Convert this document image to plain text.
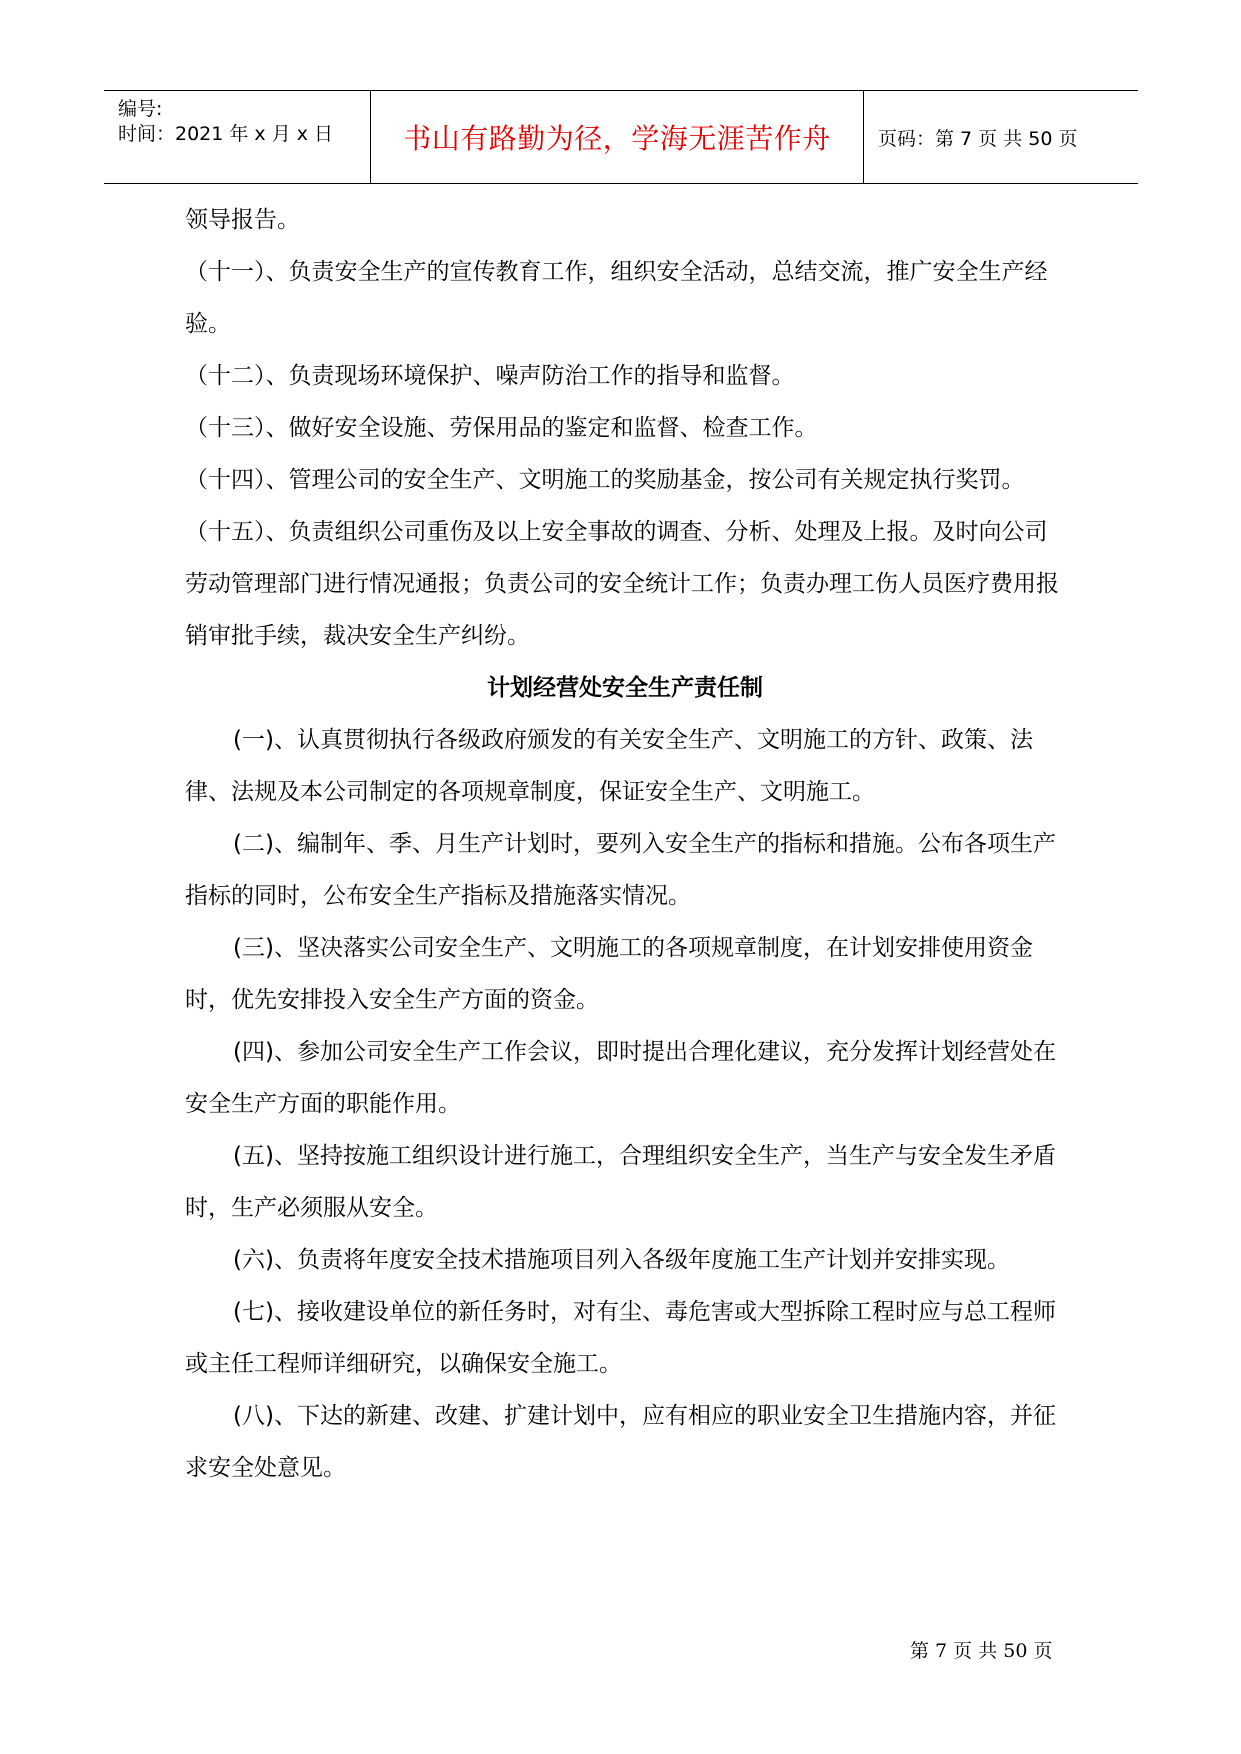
编号:
时间：2021 年 x 月 x 日	书山有路勤为径，学海无涯苦作舟	页码：第 7 页 共 50 页

领导报告。

（十一）、负责安全生产的宣传教育工作，组织安全活动，总结交流，推广安全生产经验。

（十二）、负责现场环境保护、噪声防治工作的指导和监督。

（十三）、做好安全设施、劳保用品的鉴定和监督、检查工作。

（十四）、管理公司的安全生产、文明施工的奖励基金，按公司有关规定执行奖罚。

（十五）、负责组织公司重伤及以上安全事故的调查、分析、处理及上报。及时向公司劳动管理部门进行情况通报；负责公司的安全统计工作；负责办理工伤人员医疗费用报销审批手续，裁决安全生产纠纷。

计划经营处安全生产责任制

(一)、认真贯彻执行各级政府颁发的有关安全生产、文明施工的方针、政策、法律、法规及本公司制定的各项规章制度，保证安全生产、文明施工。

(二)、编制年、季、月生产计划时，要列入安全生产的指标和措施。公布各项生产指标的同时，公布安全生产指标及措施落实情况。

(三)、坚决落实公司安全生产、文明施工的各项规章制度，在计划安排使用资金时，优先安排投入安全生产方面的资金。

(四)、参加公司安全生产工作会议，即时提出合理化建议，充分发挥计划经营处在安全生产方面的职能作用。

(五)、坚持按施工组织设计进行施工，合理组织安全生产，当生产与安全发生矛盾时，生产必须服从安全。

(六)、负责将年度安全技术措施项目列入各级年度施工生产计划并安排实现。

(七)、接收建设单位的新任务时，对有尘、毒危害或大型拆除工程时应与总工程师或主任工程师详细研究，以确保安全施工。

(八)、下达的新建、改建、扩建计划中，应有相应的职业安全卫生措施内容，并征求安全处意见。

第 7 页 共 50 页
